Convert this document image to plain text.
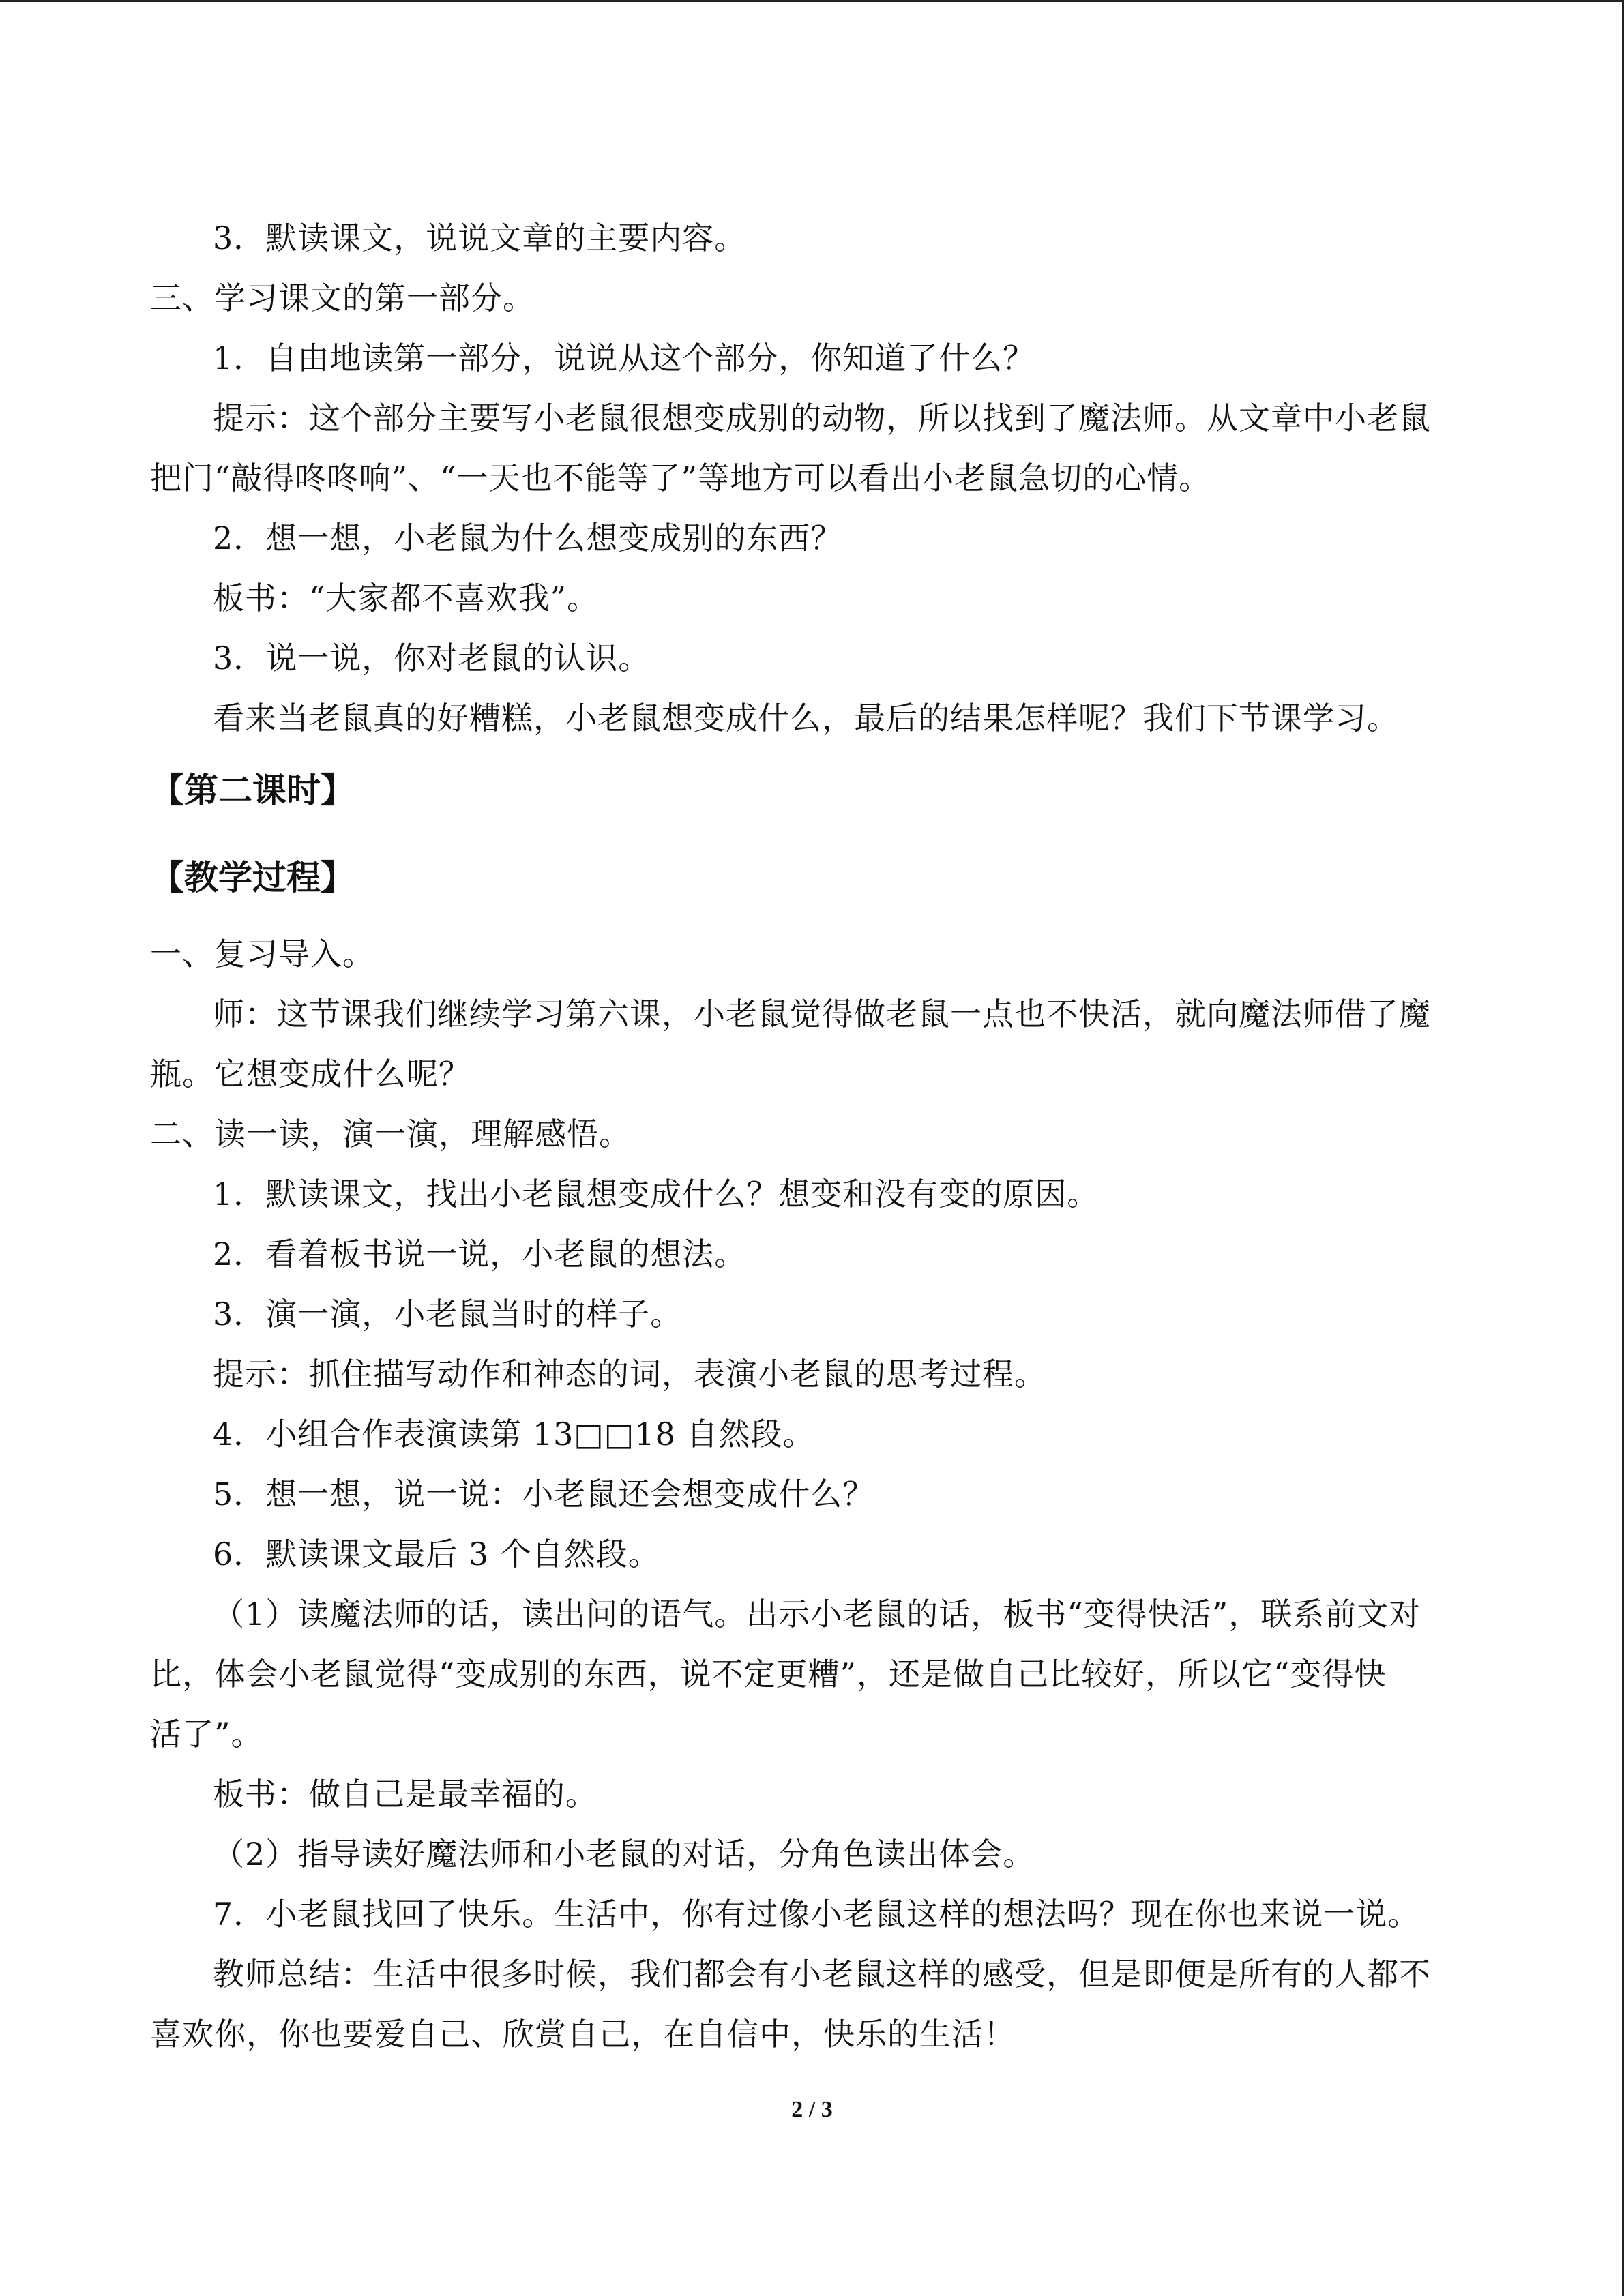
3．默读课文，说说文章的主要内容。
三、学习课文的第一部分。
1．自由地读第一部分，说说从这个部分，你知道了什么？
提示：这个部分主要写小老鼠很想变成别的动物，所以找到了魔法师。从文章中小老鼠
把门“敲得咚咚响”、“一天也不能等了”等地方可以看出小老鼠急切的心情。
2．想一想，小老鼠为什么想变成别的东西？
板书：“大家都不喜欢我”。
3．说一说，你对老鼠的认识。
看来当老鼠真的好糟糕，小老鼠想变成什么，最后的结果怎样呢？我们下节课学习。
【第二课时】
【教学过程】
一、复习导入。
师：这节课我们继续学习第六课，小老鼠觉得做老鼠一点也不快活，就向魔法师借了魔
瓶。它想变成什么呢？
二、读一读，演一演，理解感悟。
1．默读课文，找出小老鼠想变成什么？想变和没有变的原因。
2．看着板书说一说，小老鼠的想法。
3．演一演，小老鼠当时的样子。
提示：抓住描写动作和神态的词，表演小老鼠的思考过程。
4．小组合作表演读第 13□□18 自然段。
5．想一想，说一说：小老鼠还会想变成什么？
6．默读课文最后 3 个自然段。
（1）读魔法师的话，读出问的语气。出示小老鼠的话，板书“变得快活”，联系前文对
比，体会小老鼠觉得“变成别的东西，说不定更糟”，还是做自己比较好，所以它“变得快
活了”。
板书：做自己是最幸福的。
（2）指导读好魔法师和小老鼠的对话，分角色读出体会。
7．小老鼠找回了快乐。生活中，你有过像小老鼠这样的想法吗？现在你也来说一说。
教师总结：生活中很多时候，我们都会有小老鼠这样的感受，但是即便是所有的人都不
喜欢你，你也要爱自己、欣赏自己，在自信中，快乐的生活！
2 / 3
